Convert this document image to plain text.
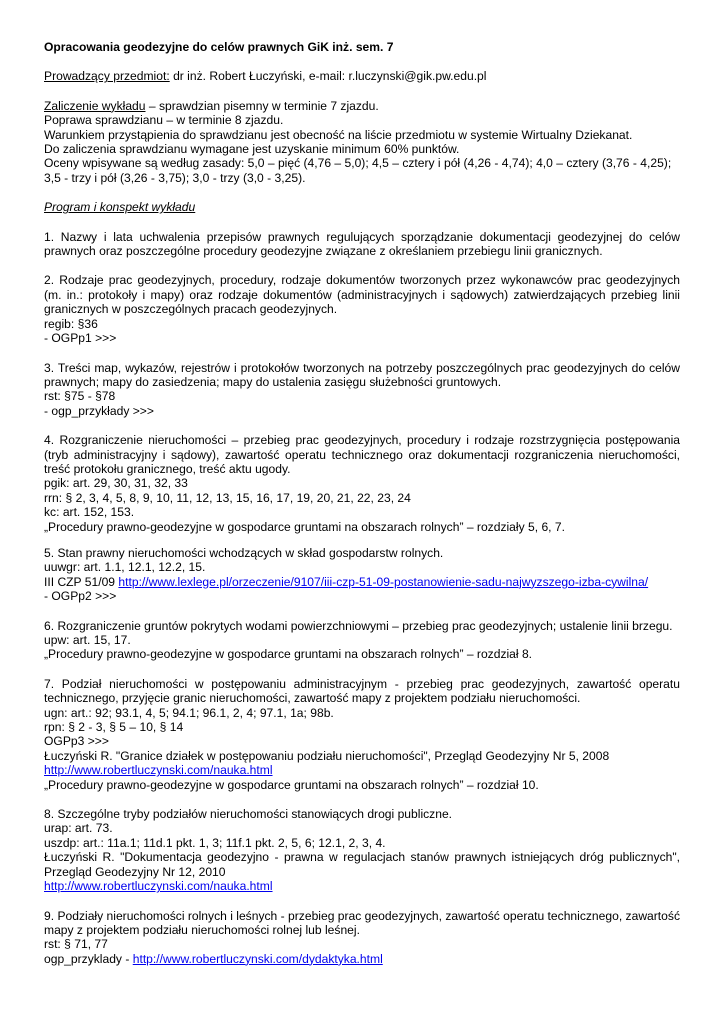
Opracowania geodezyjne do celów prawnych GiK inż. sem. 7
Prowadzący przedmiot: dr inż. Robert Łuczyński, e-mail: r.luczynski@gik.pw.edu.pl
Zaliczenie wykładu – sprawdzian pisemny w terminie 7 zjazdu.
Poprawa sprawdzianu – w terminie 8 zjazdu.
Warunkiem przystąpienia do sprawdzianu jest obecność na liście przedmiotu w systemie Wirtualny Dziekanat.
Do zaliczenia sprawdzianu wymagane jest uzyskanie minimum 60% punktów.
Oceny wpisywane są według zasady: 5,0 – pięć (4,76 – 5,0); 4,5 – cztery i pół (4,26 - 4,74); 4,0 – cztery (3,76 - 4,25); 3,5 - trzy i pół (3,26 - 3,75); 3,0 - trzy (3,0 - 3,25).
Program i konspekt wykładu
1. Nazwy i lata uchwalenia przepisów prawnych regulujących sporządzanie dokumentacji geodezyjnej do celów prawnych oraz poszczególne procedury geodezyjne związane z określaniem przebiegu linii granicznych.
2. Rodzaje prac geodezyjnych, procedury, rodzaje dokumentów tworzonych przez wykonawców prac geodezyjnych (m. in.: protokoły i mapy) oraz rodzaje dokumentów (administracyjnych i sądowych) zatwierdzających przebieg linii granicznych w poszczególnych pracach geodezyjnych.
regib: §36
- OGPp1 >>>
3. Treści map, wykazów, rejestrów i protokołów tworzonych na potrzeby poszczególnych prac geodezyjnych do celów prawnych; mapy do zasiedzenia; mapy do ustalenia zasięgu służebności gruntowych.
rst: §75 - §78
- ogp_przykłady >>>
4. Rozgraniczenie nieruchomości – przebieg prac geodezyjnych, procedury i rodzaje rozstrzygnięcia postępowania (tryb administracyjny i sądowy), zawartość operatu technicznego oraz dokumentacji rozgraniczenia nieruchomości, treść protokołu granicznego, treść aktu ugody.
pgik: art. 29, 30, 31, 32, 33
rrn: § 2, 3, 4, 5, 8, 9, 10, 11, 12, 13, 15, 16, 17, 19, 20, 21, 22, 23, 24
kc: art. 152, 153.
„Procedury prawno-geodezyjne w gospodarce gruntami na obszarach rolnych” – rozdziały 5, 6, 7.
5. Stan prawny nieruchomości wchodzących w skład gospodarstw rolnych.
uuwgr: art. 1.1, 12.1, 12.2, 15.
III CZP 51/09 http://www.lexlege.pl/orzeczenie/9107/iii-czp-51-09-postanowienie-sadu-najwyzszego-izba-cywilna/
- OGPp2 >>>
6. Rozgraniczenie gruntów pokrytych wodami powierzchniowymi – przebieg prac geodezyjnych; ustalenie linii brzegu.
upw: art. 15, 17.
„Procedury prawno-geodezyjne w gospodarce gruntami na obszarach rolnych” – rozdział 8.
7. Podział nieruchomości w postępowaniu administracyjnym - przebieg prac geodezyjnych, zawartość operatu technicznego, przyjęcie granic nieruchomości, zawartość mapy z projektem podziału nieruchomości.
ugn: art.: 92; 93.1, 4, 5; 94.1; 96.1, 2, 4; 97.1, 1a; 98b.
rpn: § 2 - 3, § 5 – 10, § 14
OGPp3 >>>
Łuczyński R. "Granice działek w postępowaniu podziału nieruchomości", Przegląd Geodezyjny Nr 5, 2008
http://www.robertluczynski.com/nauka.html
„Procedury prawno-geodezyjne w gospodarce gruntami na obszarach rolnych” – rozdział 10.
8. Szczególne tryby podziałów nieruchomości stanowiących drogi publiczne.
urap: art. 73.
uszdp: art.: 11a.1; 11d.1 pkt. 1, 3; 11f.1 pkt. 2, 5, 6; 12.1, 2, 3, 4.
Łuczyński R. "Dokumentacja geodezyjno - prawna w regulacjach stanów prawnych istniejących dróg publicznych", Przegląd Geodezyjny Nr 12, 2010
http://www.robertluczynski.com/nauka.html
9. Podziały nieruchomości rolnych i leśnych - przebieg prac geodezyjnych, zawartość operatu technicznego, zawartość mapy z projektem podziału nieruchomości rolnej lub leśnej.
rst: § 71, 77
ogp_przyklady - http://www.robertluczynski.com/dydaktyka.html
